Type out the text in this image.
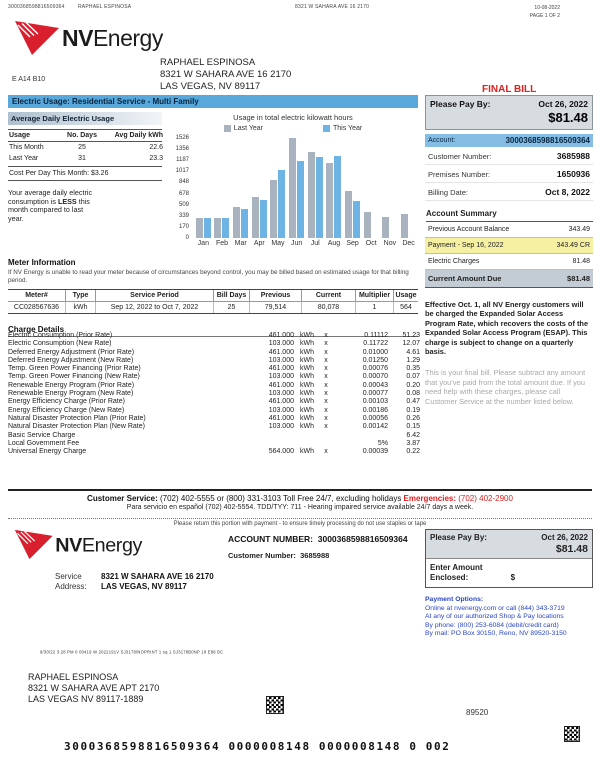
3000368598816509364	RAPHAEL ESPINOSA	8321 W SAHARA AVE 16 2170	10-08-2022
PAGE 1 OF 2
NVEnergy
E A14 B10
RAPHAEL ESPINOSA
8321 W SAHARA AVE 16 2170
LAS VEGAS, NV 89117	FINAL BILL
Electric Usage: Residential Service - Multi Family
Average Daily Electric Usage
Usage	No. Days	Avg Daily kWh
This Month	25	22.6
Last Year	31	23.3
Cost Per Day This Month: $3.26
Your average daily electric consumption is LESS this month compared to last year.
Usage in total electric kilowatt hours
Last Year	This Year
0
170
339
509
678
848
1017
1187
1356
1526
Jan Feb Mar	Apr May Jun	Jul	Aug Sep Oct Nov Dec
Meter Information
If NV Energy is unable to read your meter because of circumstances beyond control, you may be billed based on estimated usage for that billing period.
Meter#	Type	Service Period	Bill Days	Previous	Current	Multiplier Usage
CC028567636	kWh	Sep 12, 2022 to Oct 7, 2022	25	79,514	80,078	1	564
Charge Details
Electric Consumption (Prior Rate)	461.000 kWh	x	0.11112	51.23
Electric Consumption (New Rate)	103.000 kWh	x	0.11722	12.07
Deferred Energy Adjustment (Prior Rate)	461.000 kWh	x	0.01000	4.61
Deferred Energy Adjustment (New Rate)	103.000 kWh	x	0.01250	1.29
Temp. Green Power Financing (Prior Rate)	461.000 kWh	x	0.00076	0.35
Temp. Green Power Financing (New Rate)	103.000 kWh	x	0.00070	0.07
Renewable Energy Program (Prior Rate)	461.000 kWh	x	0.00043	0.20
Renewable Energy Program (New Rate)	103.000 kWh	x	0.00077	0.08
Energy Efficiency Charge (Prior Rate)	461.000 kWh	x	0.00103	0.47
Energy Efficiency Charge (New Rate)	103.000 kWh	x	0.00186	0.19
Natural Disaster Protection Plan (Prior Rate)	461.000 kWh	x	0.00056	0.26
Natural Disaster Protection Plan (New Rate)	103.000 kWh	x	0.00142	0.15
Basic Service Charge	6.42
Local Government Fee	5%	3.87
Universal Energy Charge	564.000 kWh	x	0.00039	0.22
Please Pay By:	Oct 26, 2022
$81.48
Account:	3000368598816509364
Customer Number:	3685988
Premises Number:	1650936
Billing Date:	Oct 8, 2022
Account Summary
Previous Account Balance	343.49
Payment - Sep 16, 2022	343.49 CR
Electric Charges	81.48
Current Amount Due	$81.48
Effective Oct. 1, all NV Energy customers will be charged the Expanded Solar Access Program Rate, which recovers the costs of the Expanded Solar Access Program (ESAP). This charge is subject to change on a quarterly basis.
This is your final bill. Please subtract any amount that you've paid from the total amount due. If you need help with these charges, please call Customer Service at the number listed below.
Customer Service: (702) 402-5555 or (800) 331-3103 Toll Free 24/7, excluding holidays Emergencies: (702) 402-2900
Para servicio en español (702) 402-5554. TDD/TYY: 711 - Hearing impaired service available 24/7 days a week.
Please return this portion with payment - to ensure timely processing do not use staples or tape
NVEnergy	ACCOUNT NUMBER: 3000368598816509364
Customer Number: 3685988
Service	8321 W SAHARA AVE 16 2170
Address:	LAS VEGAS, NV 89117
Please Pay By:	Oct 26, 2022
$81.48
Enter Amount
Enclosed:	$
Payment Options:
Online at nvenergy.com or call (844) 343-3719
At any of our authorized Shop & Pay locations
By phone: (800) 253-6084 (debit/credit card)
By mail: PO Box 30150, Reno, NV 89520-3150
9/30/22 3:28 PM 0 00419 W 2022191V SJ3178/NOPRINT 1 sq 1 SJ3178B0NP 18 E88 BC
RAPHAEL ESPINOSA
8321 W SAHARA AVE APT 2170
LAS VEGAS NV 89117-1889
89520
3000368598816509364 0000008148 0000008148 0 002
